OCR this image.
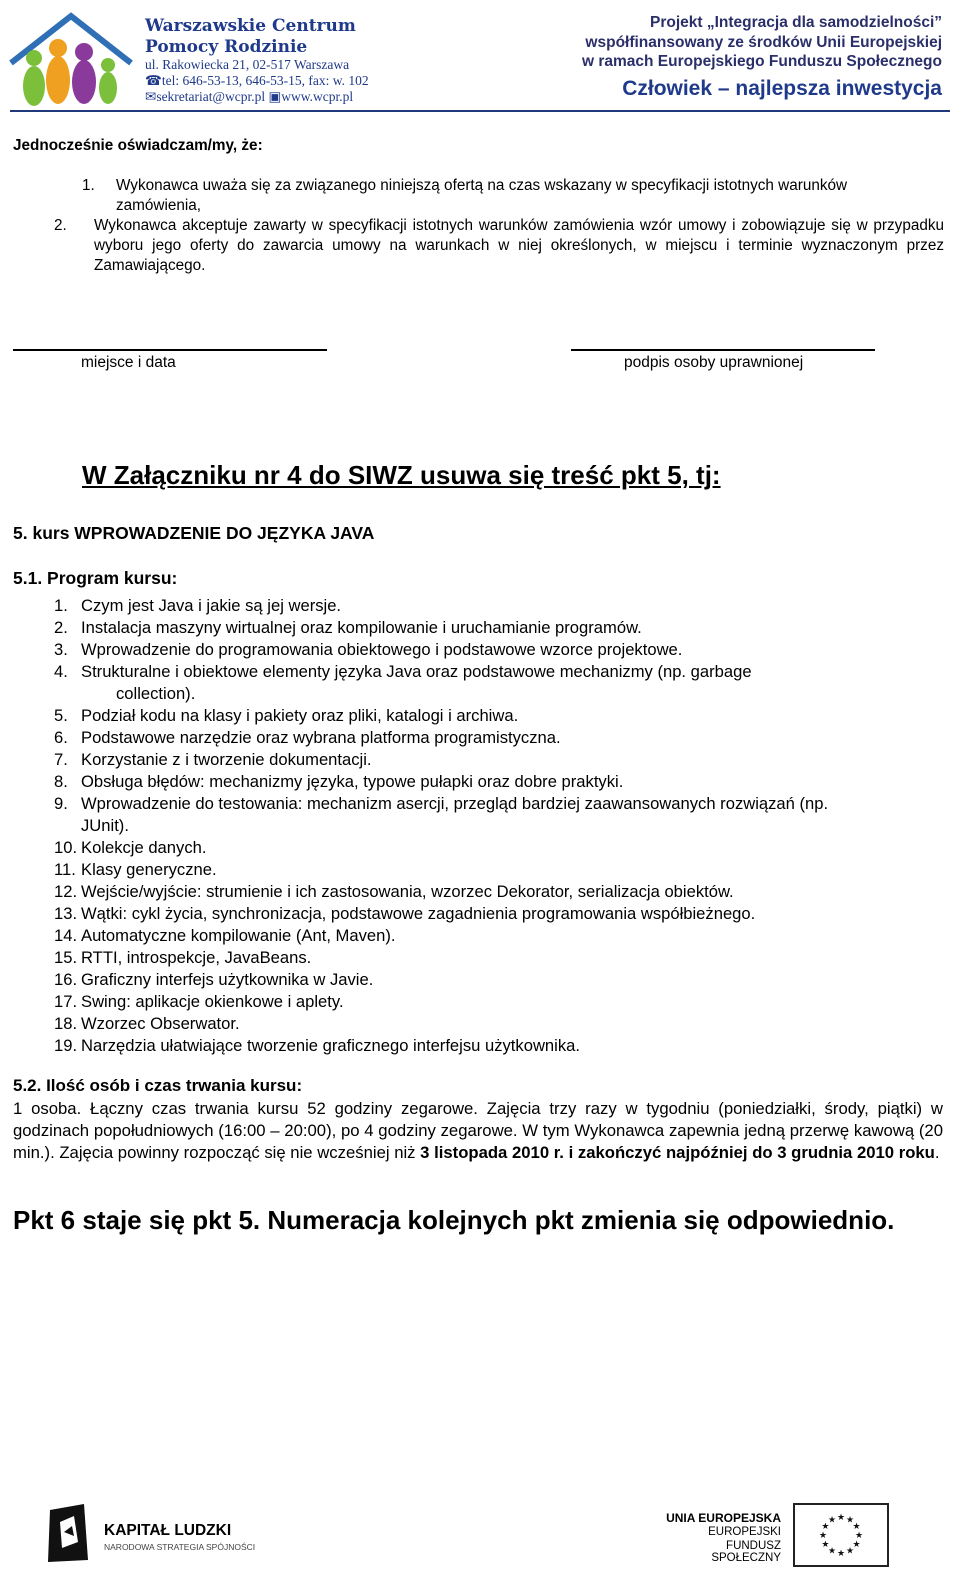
Warszawskie Centrum
Pomocy Rodzinie
ul. Rakowiecka 21, 02-517 Warszawa
☎tel: 646-53-13, 646-53-15, fax: w. 102
✉sekretariat@wcpr.pl ▣www.wcpr.pl
Projekt „Integracja dla samodzielności”
współfinansowany ze środków Unii Europejskiej
w ramach Europejskiego Funduszu Społecznego
Człowiek – najlepsza inwestycja
Jednocześnie oświadczam/my, że:
1. Wykonawca uważa się za związanego niniejszą ofertą na czas wskazany w specyfikacji istotnych warunków
zamówienia,
2. Wykonawca akceptuje zawarty w specyfikacji istotnych warunków zamówienia wzór umowy i zobowiązuje się w przypadku wyboru jego oferty do zawarcia umowy na warunkach w niej określonych, w miejscu i terminie wyznaczonym przez Zamawiającego.
miejsce i data	podpis osoby uprawnionej
W Załączniku nr 4 do SIWZ usuwa się treść pkt 5, tj:
5. kurs WPROWADZENIE DO JĘZYKA JAVA
5.1. Program kursu:
1. Czym jest Java i jakie są jej wersje.
2. Instalacja maszyny wirtualnej oraz kompilowanie i uruchamianie programów.
3. Wprowadzenie do programowania obiektowego i podstawowe wzorce projektowe.
4. Strukturalne i obiektowe elementy języka Java oraz podstawowe mechanizmy (np. garbage
collection).
5. Podział kodu na klasy i pakiety oraz pliki, katalogi i archiwa.
6. Podstawowe narzędzie oraz wybrana platforma programistyczna.
7. Korzystanie z i tworzenie dokumentacji.
8. Obsługa błędów: mechanizmy języka, typowe pułapki oraz dobre praktyki.
9. Wprowadzenie do testowania: mechanizm asercji, przegląd bardziej zaawansowanych rozwiązań (np.
JUnit).
10. Kolekcje danych.
11. Klasy generyczne.
12. Wejście/wyjście: strumienie i ich zastosowania, wzorzec Dekorator, serializacja obiektów.
13. Wątki: cykl życia, synchronizacja, podstawowe zagadnienia programowania współbieżnego.
14. Automatyczne kompilowanie (Ant, Maven).
15. RTTI, introspekcje, JavaBeans.
16. Graficzny interfejs użytkownika w Javie.
17. Swing: aplikacje okienkowe i aplety.
18. Wzorzec Obserwator.
19. Narzędzia ułatwiające tworzenie graficznego interfejsu użytkownika.
5.2. Ilość osób i czas trwania kursu:
1 osoba. Łączny czas trwania kursu 52 godziny zegarowe. Zajęcia trzy razy w tygodniu (poniedziałki, środy, piątki) w godzinach popołudniowych (16:00 – 20:00), po 4 godziny zegarowe. W tym Wykonawca zapewnia jedną przerwę kawową (20 min.). Zajęcia powinny rozpocząć się nie wcześniej niż 3 listopada 2010 r. i zakończyć najpóźniej do 3 grudnia 2010 roku.
Pkt 6 staje się pkt 5. Numeracja kolejnych pkt zmienia się odpowiednio.
KAPITAŁ LUDZKI
NARODOWA STRATEGIA SPÓJNOŚCI
UNIA EUROPEJSKA
EUROPEJSKI
FUNDUSZ SPOŁECZNY
★ ★
★
★
★
★
★
★
★
★
★
★
